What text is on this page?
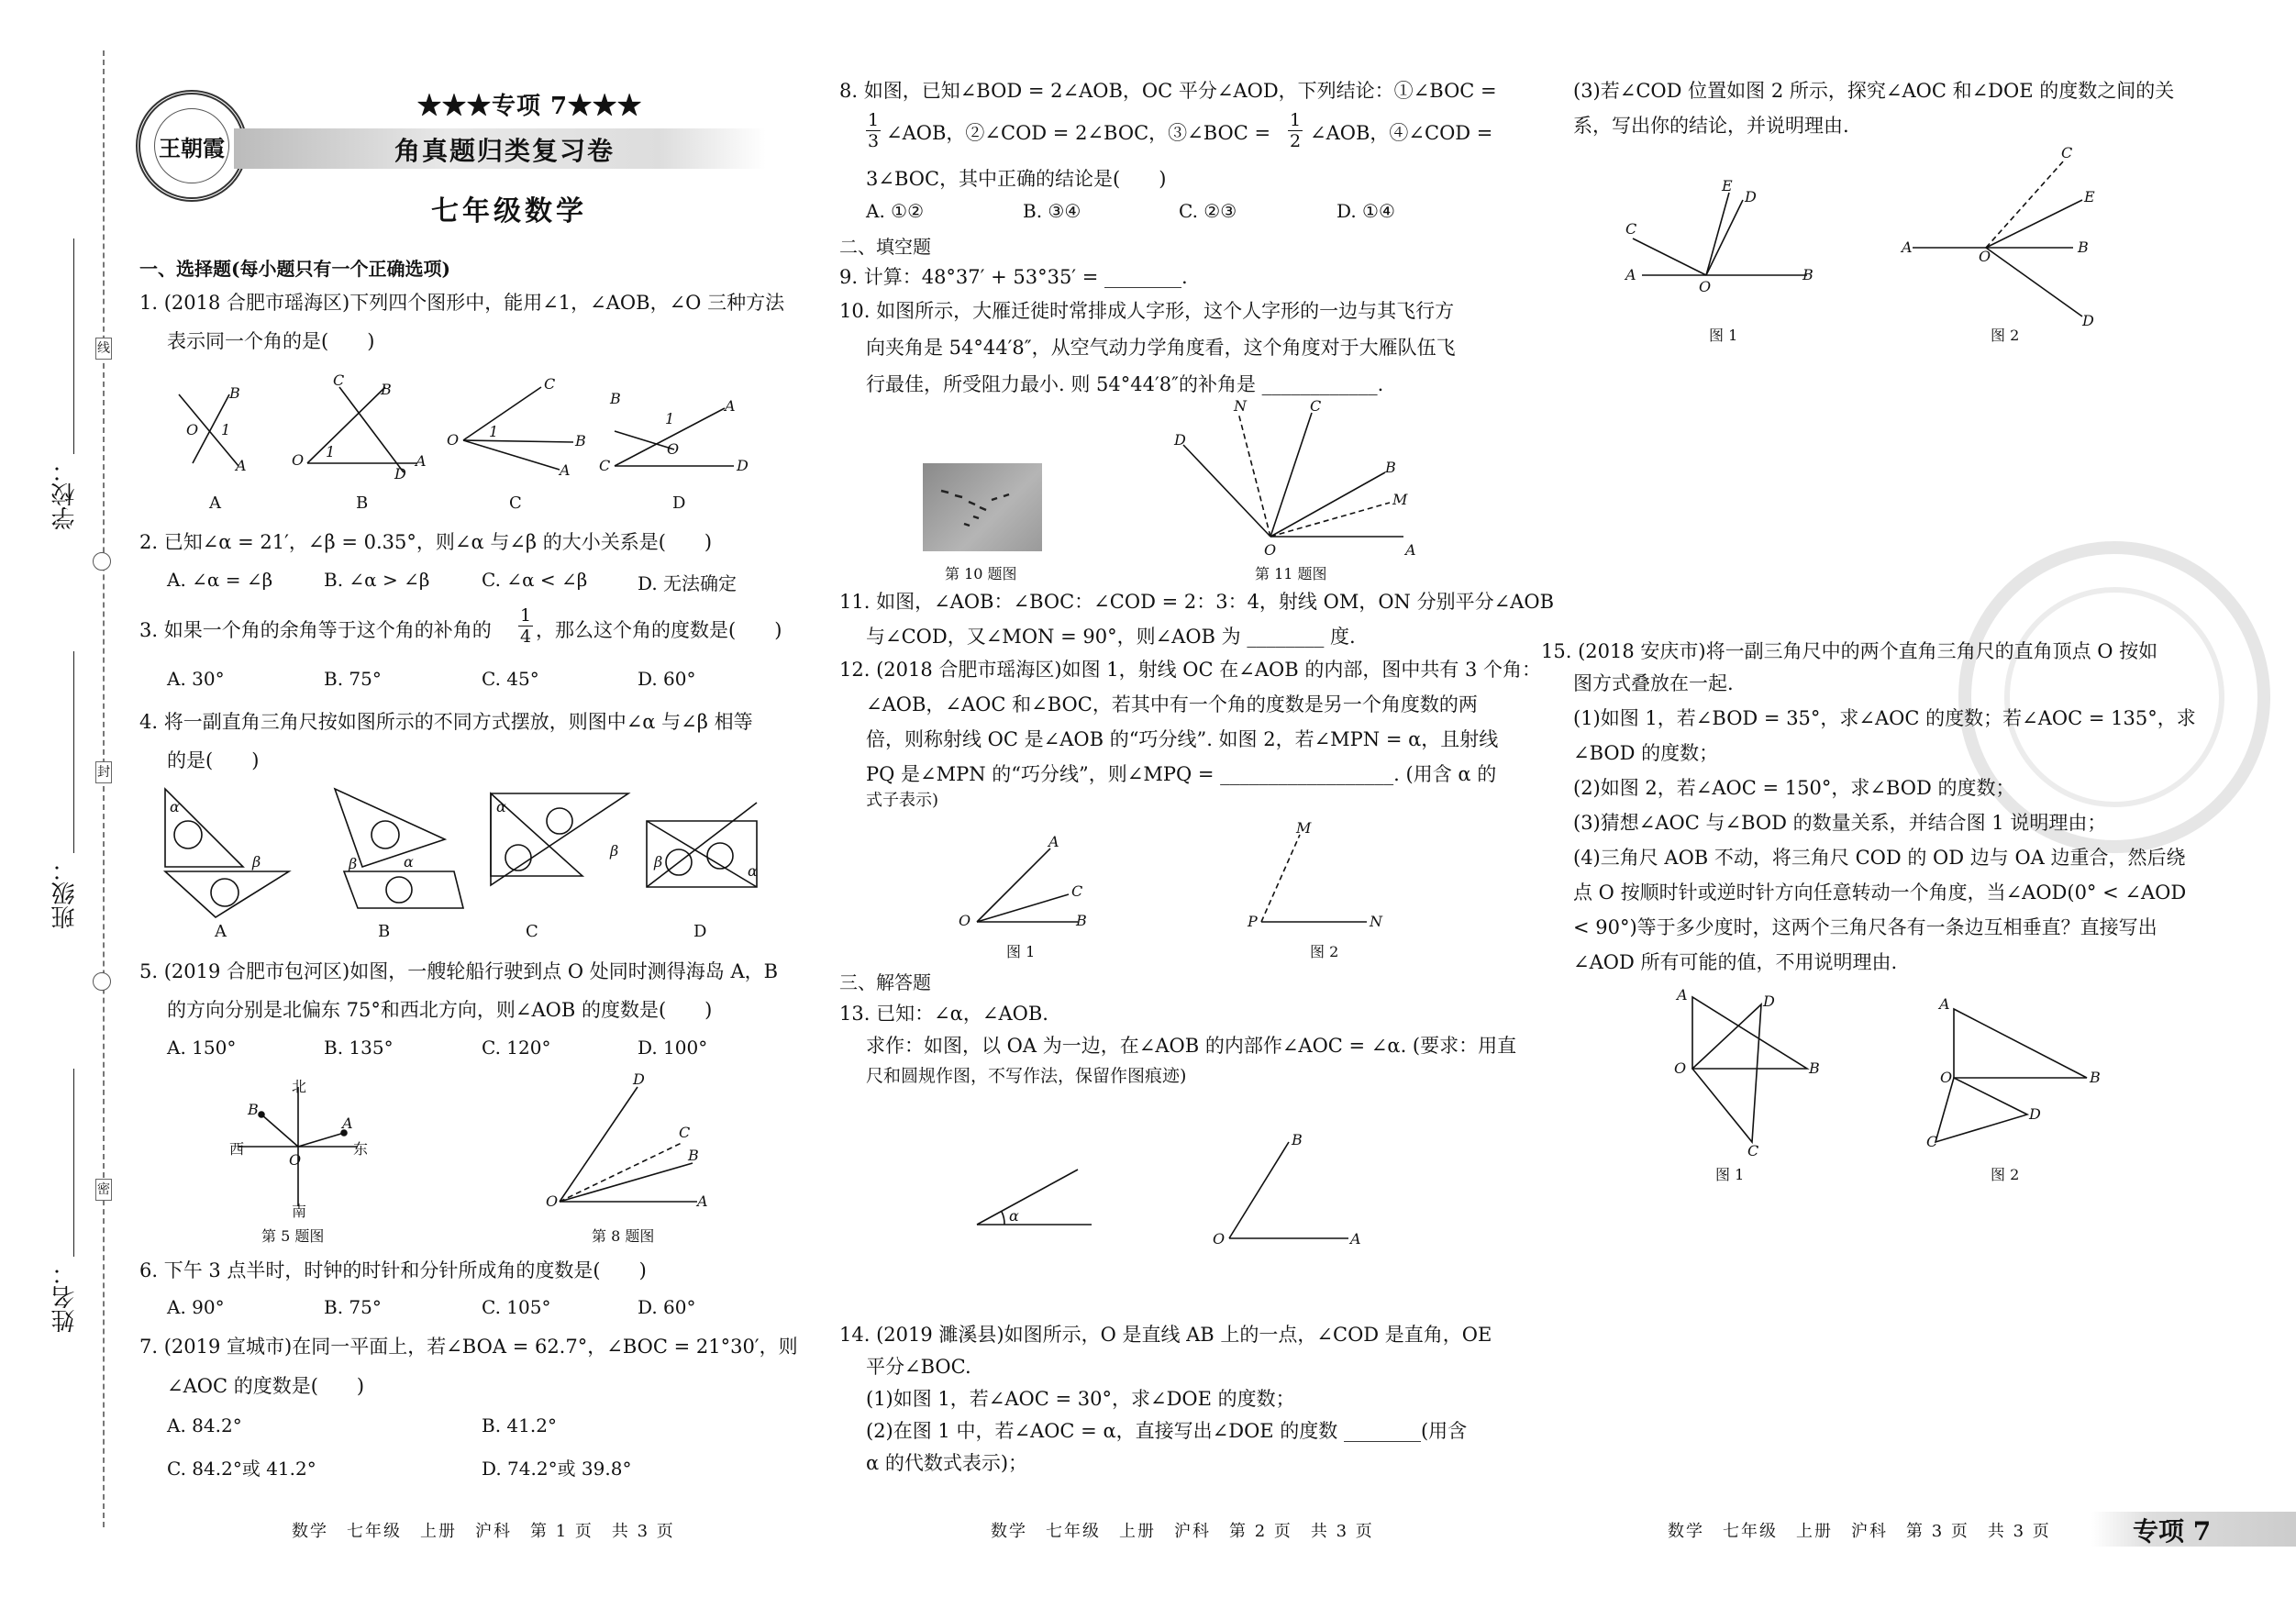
线
封
密
学校：
班级：
姓名：
王朝霞
★★★专项 7★★★
角真题归类复习卷
七年级数学
一、选择题(每小题只有一个正确选项)
1. (2018 合肥市瑶海区)下列四个图形中，能用∠1，∠AOB，∠O 三种方法
表示同一个角的是(　　)
B
O 1
A	O
C
B
1
D
A
O 1
C
B
A
B
1
A
C
O
D
A	B	C	D
2. 已知∠α = 21′，∠β = 0.35°，则∠α 与∠β 的大小关系是(　　)
A. ∠α = ∠β	B. ∠α > ∠β	C. ∠α < ∠β	D. 无法确定
3. 如果一个角的余角等于这个角的补角的 $\frac{1}{4}$ ，那么这个角的度数是(　　)
A. 30°	B. 75°	C. 45°	D. 60°
4. 将一副直角三角尺按如图所示的不同方式摆放，则图中∠α 与∠β 相等
的是(　　)
α
β	β	α
α
β
β
α
A	B	C	D
5. (2019 合肥市包河区)如图，一艘轮船行驶到点 O 处同时测得海岛 A，B
的方向分别是北偏东 75°和西北方向，则∠AOB 的度数是(　　)
A. 150°	B. 135°	C. 120°	D. 100°
B
A
O
北
南
西	东
第 5 题图
D
C
B
O	A
第 8 题图
6. 下午 3 点半时，时钟的时针和分针所成角的度数是(　　)
A. 90°	B. 75°	C. 105°	D. 60°
7. (2019 宣城市)在同一平面上，若∠BOA = 62.7°，∠BOC = 21°30′，则
∠AOC 的度数是(　　)
A. 84.2°	B. 41.2°
C. 84.2°或 41.2°	D. 74.2°或 39.8°
数学　七年级　上册　沪科　第 1 页　共 3 页
8. 如图，已知∠BOD = 2∠AOB，OC 平分∠AOD，下列结论：①∠BOC =
1
3 ∠AOB，②∠COD = 2∠BOC，③∠BOC =
1
2 ∠AOB，④∠COD =
3∠BOC，其中正确的结论是(　　)
A. ①②	B. ③④	C. ②③	D. ①④
二、填空题
9. 计算：48°37′ + 53°35′ = ________.
10. 如图所示，大雁迁徙时常排成人字形，这个人字形的一边与其飞行方
向夹角是 54°44′8″，从空气动力学角度看，这个角度对于大雁队伍飞
行最佳，所受阻力最小. 则 54°44′8″的补角是 ____________.
第 10 题图
D
N	C
B
M
O	A
第 11 题图
11. 如图，∠AOB：∠BOC：∠COD = 2：3：4，射线 OM，ON 分别平分∠AOB
与∠COD，又∠MON = 90°，则∠AOB 为 ________ 度.
12. (2018 合肥市瑶海区)如图 1，射线 OC 在∠AOB 的内部，图中共有 3 个角：
∠AOB，∠AOC 和∠BOC，若其中有一个角的度数是另一个角度数的两
倍，则称射线 OC 是∠AOB 的“巧分线”. 如图 2，若∠MPN = α，且射线
PQ 是∠MPN 的“巧分线”，则∠MPQ = __________________. (用含 α 的
式子表示)
O
A
C
B
图 1
M
P	N
图 2
三、解答题
13. 已知：∠α，∠AOB.
求作：如图，以 OA 为一边，在∠AOB 的内部作∠AOC = ∠α. (要求：用直
尺和圆规作图，不写作法，保留作图痕迹)
α
B
O	A
14. (2019 濉溪县)如图所示，O 是直线 AB 上的一点，∠COD 是直角，OE
平分∠BOC.
(1)如图 1，若∠AOC = 30°，求∠DOE 的度数；
(2)在图 1 中，若∠AOC = α，直接写出∠DOE 的度数 ________(用含
α 的代数式表示)；
数学　七年级　上册　沪科　第 2 页　共 3 页
(3)若∠COD 位置如图 2 所示，探究∠AOC 和∠DOE 的度数之间的关
系，写出你的结论，并说明理由.
C
E
D
A
O
B
图 1
A
O
C
E
B
D
图 2
15. (2018 安庆市)将一副三角尺中的两个直角三角尺的直角顶点 O 按如
图方式叠放在一起.
(1)如图 1，若∠BOD = 35°，求∠AOC 的度数；若∠AOC = 135°，求
∠BOD 的度数；
(2)如图 2，若∠AOC = 150°，求∠BOD 的度数；
(3)猜想∠AOC 与∠BOD 的数量关系，并结合图 1 说明理由；
(4)三角尺 AOB 不动，将三角尺 COD 的 OD 边与 OA 边重合，然后绕
点 O 按顺时针或逆时针方向任意转动一个角度，当∠AOD(0° < ∠AOD
< 90°)等于多少度时，这两个三角尺各有一条边互相垂直？直接写出
∠AOD 所有可能的值，不用说明理由.
A	D
O	B
C
图 1
A
O	B
D
C
图 2
数学　七年级　上册　沪科　第 3 页　共 3 页	专项 7
